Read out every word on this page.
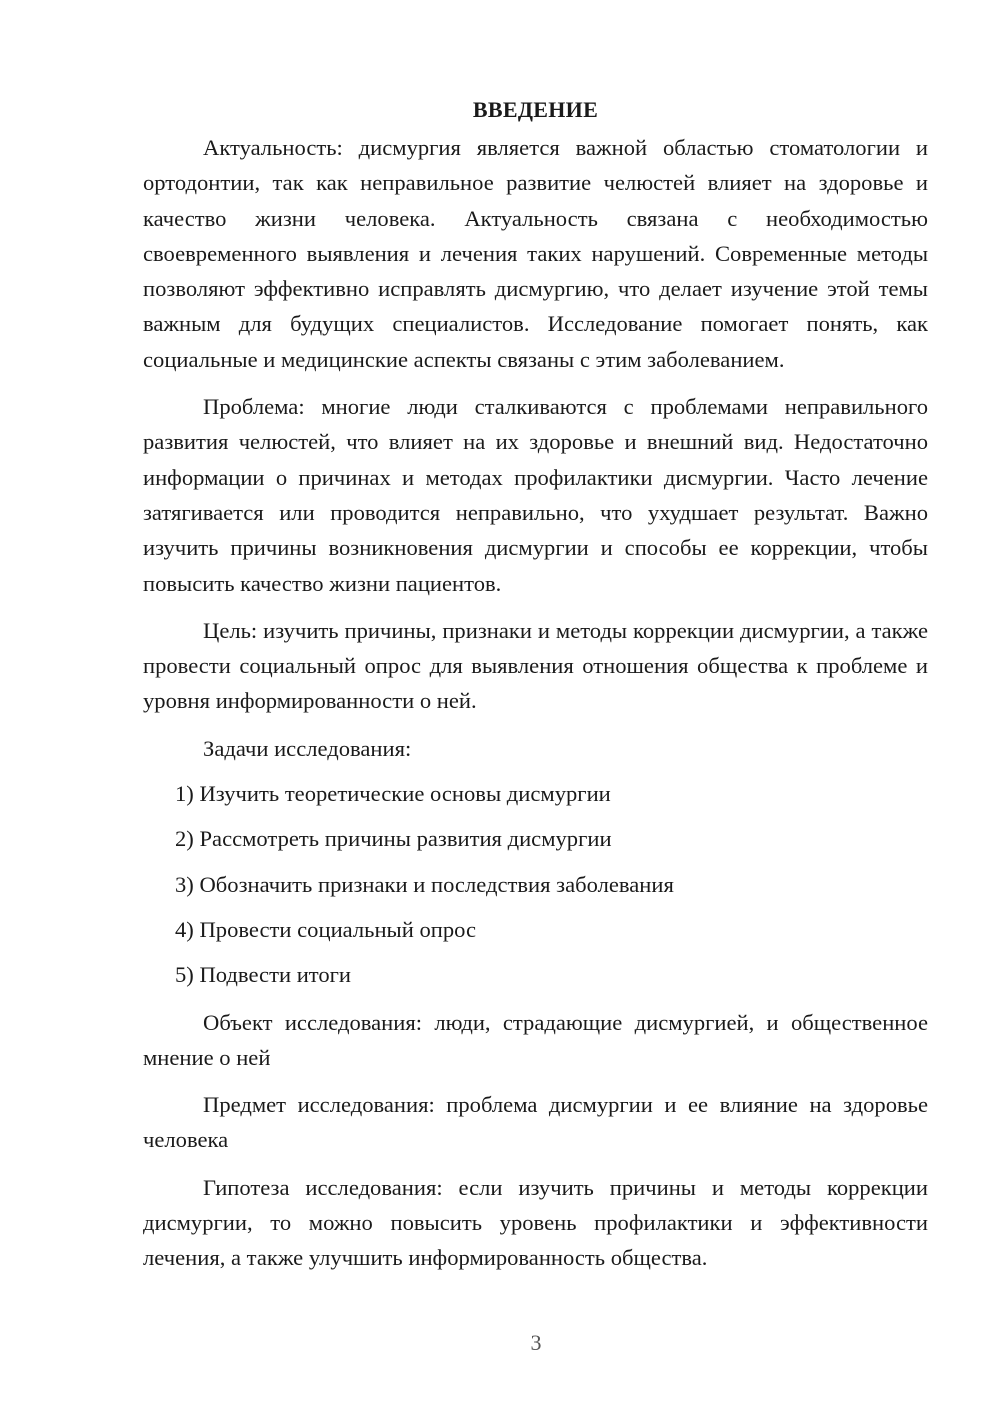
ВВЕДЕНИЕ

Актуальность: дисмургия является важной областью стоматологии и ортодонтии, так как неправильное развитие челюстей влияет на здоровье и качество жизни человека. Актуальность связана с необходимостью своевременного выявления и лечения таких нарушений. Современные методы позволяют эффективно исправлять дисмургию, что делает изучение этой темы важным для будущих специалистов. Исследование помогает понять, как социальные и медицинские аспекты связаны с этим заболеванием.

Проблема: многие люди сталкиваются с проблемами неправильного развития челюстей, что влияет на их здоровье и внешний вид. Недостаточно информации о причинах и методах профилактики дисмургии. Часто лечение затягивается или проводится неправильно, что ухудшает результат. Важно изучить причины возникновения дисмургии и способы ее коррекции, чтобы повысить качество жизни пациентов.

Цель: изучить причины, признаки и методы коррекции дисмургии, а также провести социальный опрос для выявления отношения общества к проблеме и уровня информированности о ней.

Задачи исследования:

1) Изучить теоретические основы дисмургии
2) Рассмотреть причины развития дисмургии
3) Обозначить признаки и последствия заболевания
4) Провести социальный опрос
5) Подвести итоги

Объект исследования: люди, страдающие дисмургией, и общественное мнение о ней

Предмет исследования: проблема дисмургии и ее влияние на здоровье человека

Гипотеза исследования: если изучить причины и методы коррекции дисмургии, то можно повысить уровень профилактики и эффективности лечения, а также улучшить информированность общества.

3
